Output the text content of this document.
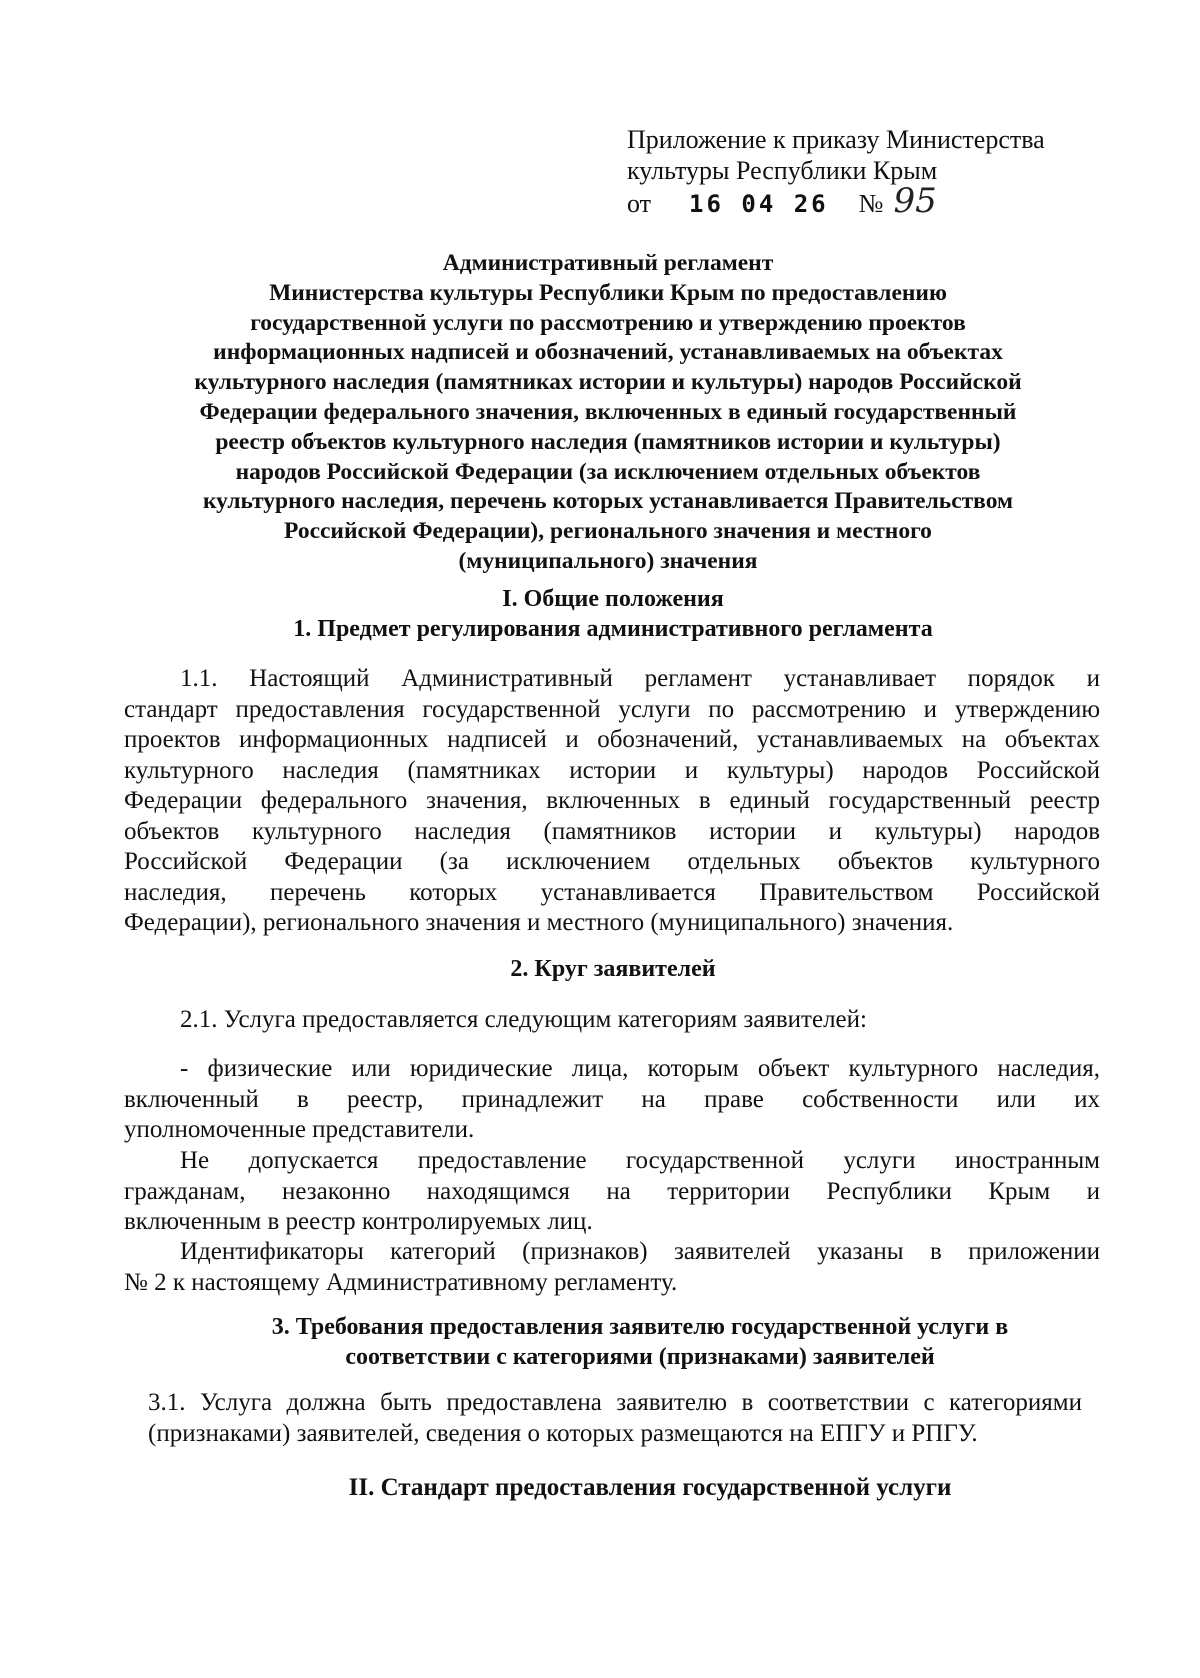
Приложение к приказу Министерства
культуры Республики Крым
от 16 04 26 № 95
Административный регламент
Министерства культуры Республики Крым по предоставлению
государственной услуги по рассмотрению и утверждению проектов
информационных надписей и обозначений, устанавливаемых на объектах
культурного наследия (памятниках истории и культуры) народов Российской
Федерации федерального значения, включенных в единый государственный
реестр объектов культурного наследия (памятников истории и культуры)
народов Российской Федерации (за исключением отдельных объектов
культурного наследия, перечень которых устанавливается Правительством
Российской Федерации), регионального значения и местного
(муниципального) значения
I. Общие положения
1. Предмет регулирования административного регламента
1.1. Настоящий Административный регламент устанавливает порядок и
стандарт предоставления государственной услуги по рассмотрению и утверждению
проектов информационных надписей и обозначений, устанавливаемых на объектах
культурного наследия (памятниках истории и культуры) народов Российской
Федерации федерального значения, включенных в единый государственный реестр
объектов культурного наследия (памятников истории и культуры) народов
Российской Федерации (за исключением отдельных объектов культурного
наследия, перечень которых устанавливается Правительством Российской
Федерации), регионального значения и местного (муниципального) значения.
2. Круг заявителей
2.1. Услуга предоставляется следующим категориям заявителей:
- физические или юридические лица, которым объект культурного наследия,
включенный в реестр, принадлежит на праве собственности или их
уполномоченные представители.
Не допускается предоставление государственной услуги иностранным
гражданам, незаконно находящимся на территории Республики Крым и
включенным в реестр контролируемых лиц.
Идентификаторы категорий (признаков) заявителей указаны в приложении
№ 2 к настоящему Административному регламенту.
3. Требования предоставления заявителю государственной услуги в
соответствии с категориями (признаками) заявителей
3.1. Услуга должна быть предоставлена заявителю в соответствии с категориями
(признаками) заявителей, сведения о которых размещаются на ЕПГУ и РПГУ.
II. Стандарт предоставления государственной услуги
